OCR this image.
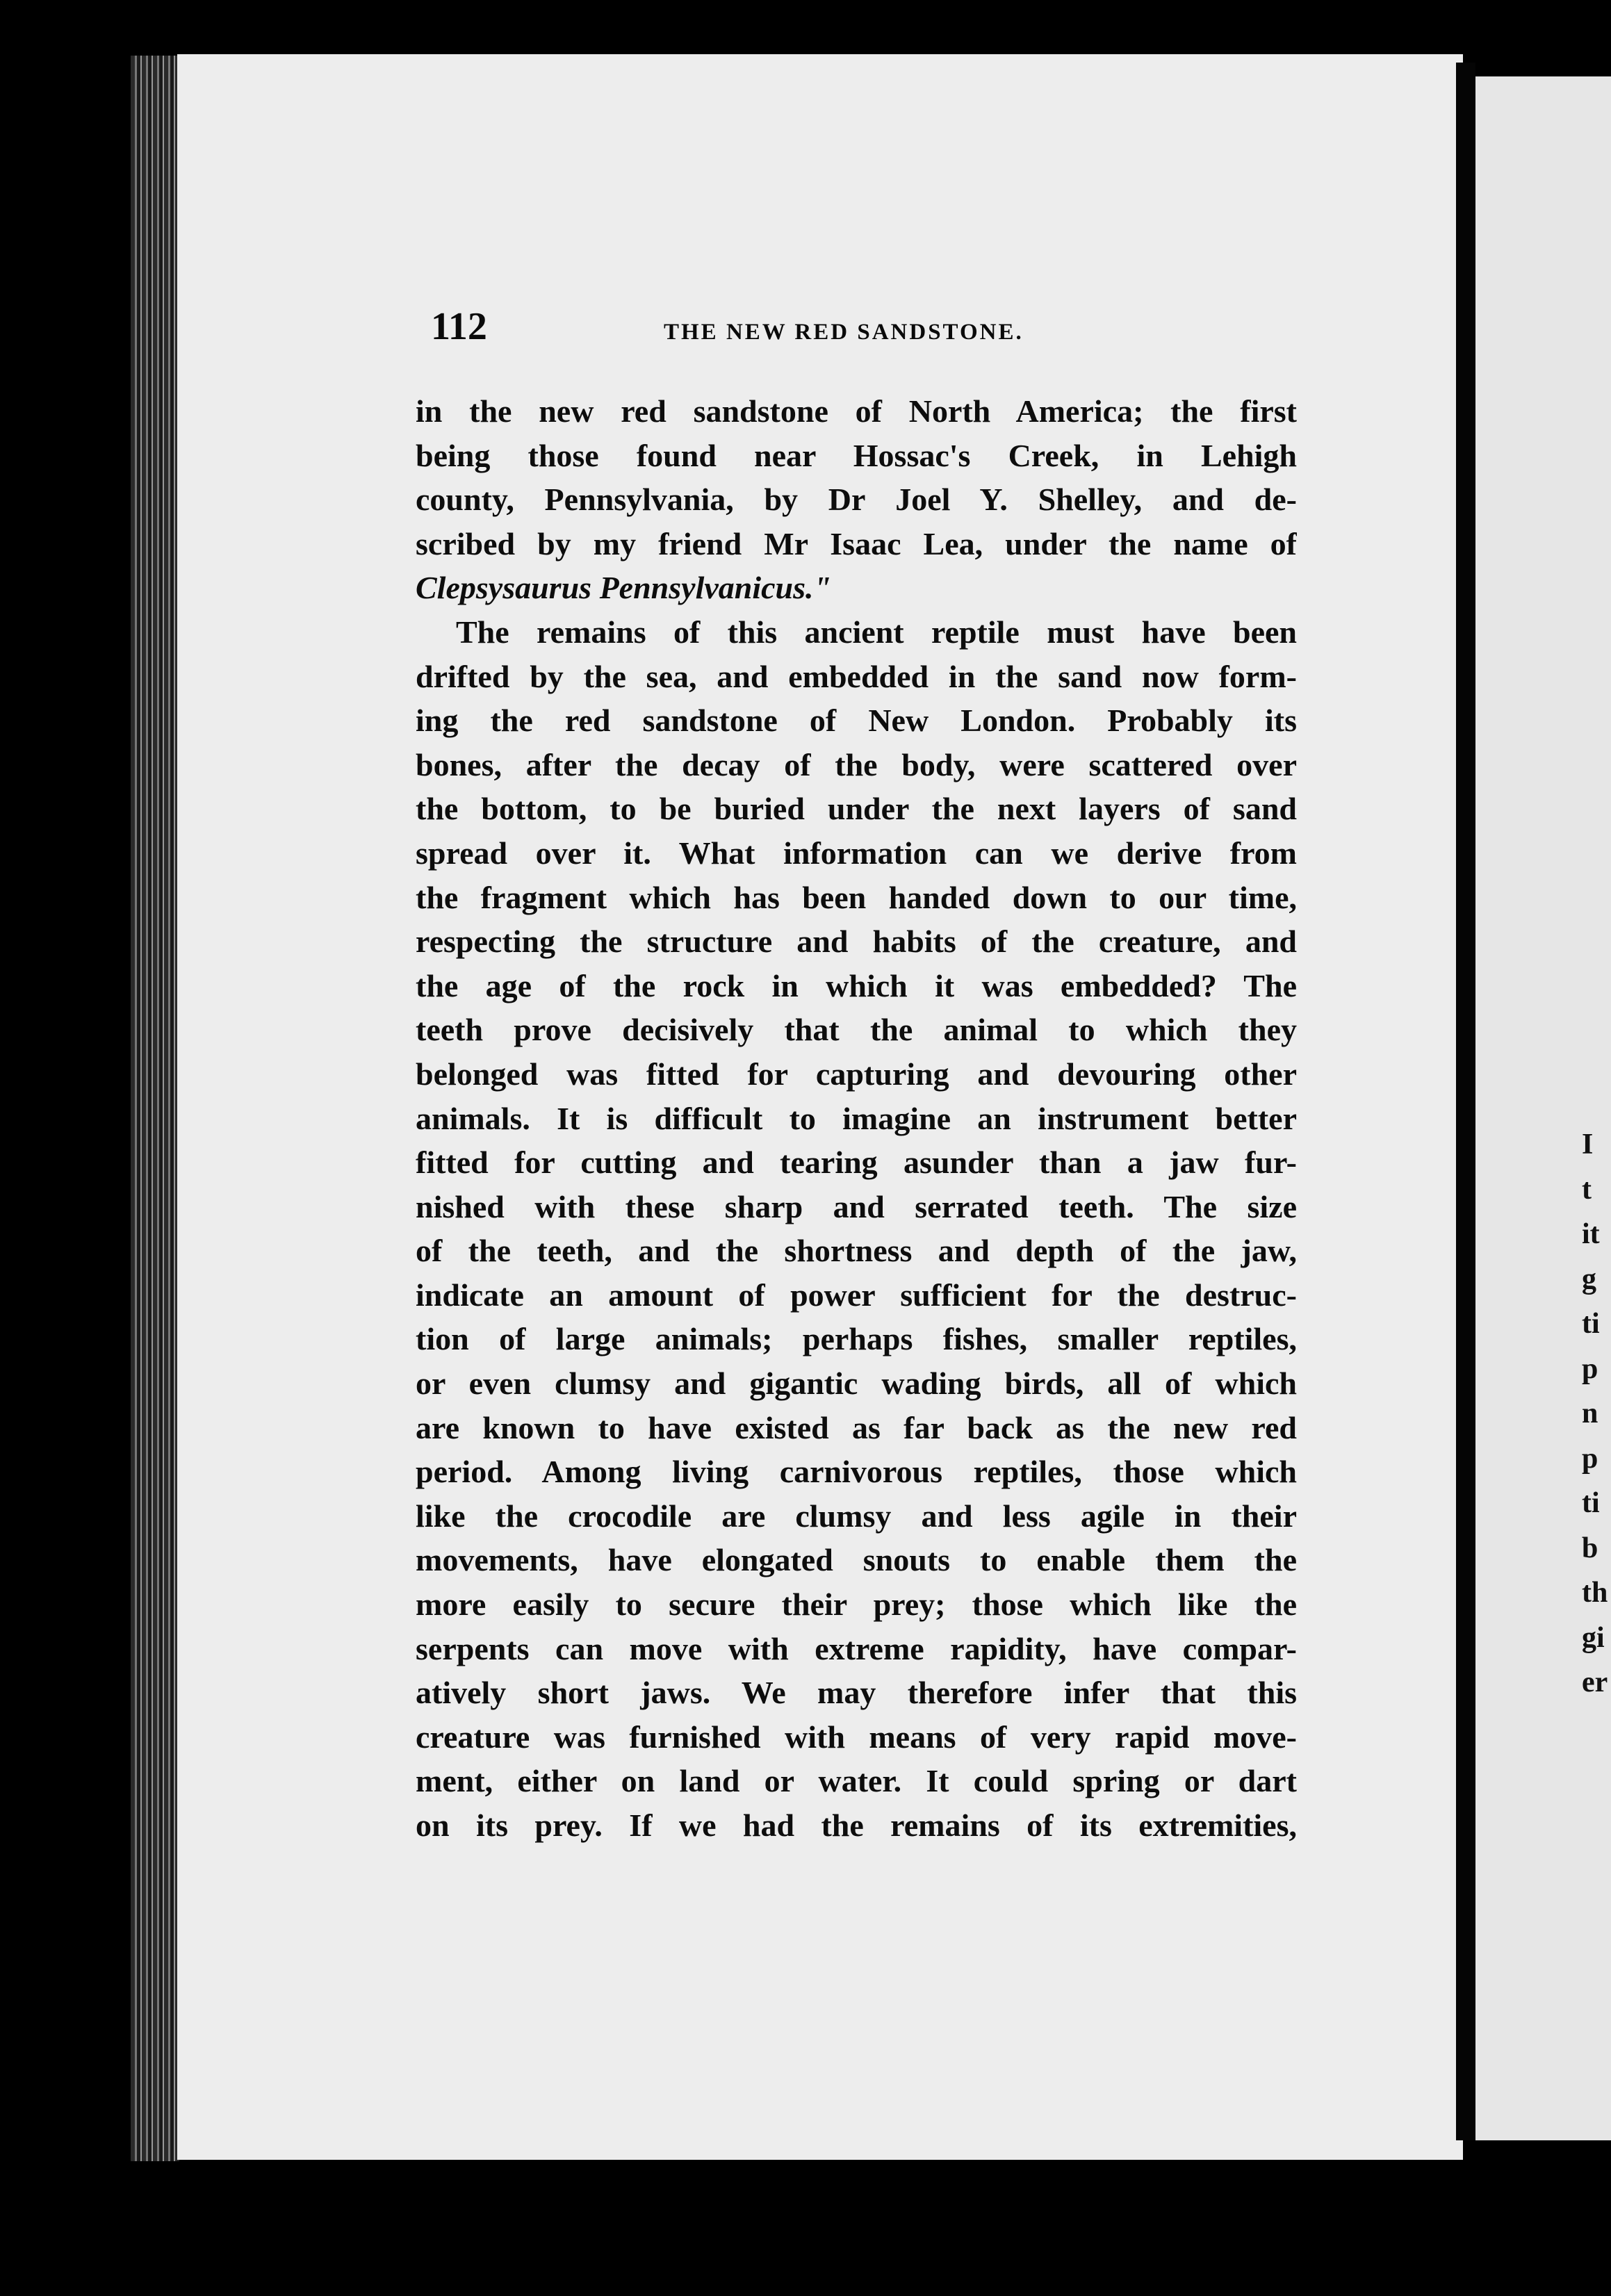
I
t
it
g
ti
p
n
p
ti
b
th
gi
er
112	THE NEW RED SANDSTONE.
in the new red sandstone of North America; the first
being those found near Hossac's Creek, in Lehigh
county, Pennsylvania, by Dr Joel Y. Shelley, and de-
scribed by my friend Mr Isaac Lea, under the name of
Clepsysaurus Pennsylvanicus."
The remains of this ancient reptile must have been
drifted by the sea, and embedded in the sand now form-
ing the red sandstone of New London. Probably its
bones, after the decay of the body, were scattered over
the bottom, to be buried under the next layers of sand
spread over it. What information can we derive from
the fragment which has been handed down to our time,
respecting the structure and habits of the creature, and
the age of the rock in which it was embedded? The
teeth prove decisively that the animal to which they
belonged was fitted for capturing and devouring other
animals. It is difficult to imagine an instrument better
fitted for cutting and tearing asunder than a jaw fur-
nished with these sharp and serrated teeth. The size
of the teeth, and the shortness and depth of the jaw,
indicate an amount of power sufficient for the destruc-
tion of large animals; perhaps fishes, smaller reptiles,
or even clumsy and gigantic wading birds, all of which
are known to have existed as far back as the new red
period. Among living carnivorous reptiles, those which
like the crocodile are clumsy and less agile in their
movements, have elongated snouts to enable them the
more easily to secure their prey; those which like the
serpents can move with extreme rapidity, have compar-
atively short jaws. We may therefore infer that this
creature was furnished with means of very rapid move-
ment, either on land or water. It could spring or dart
on its prey. If we had the remains of its extremities,
